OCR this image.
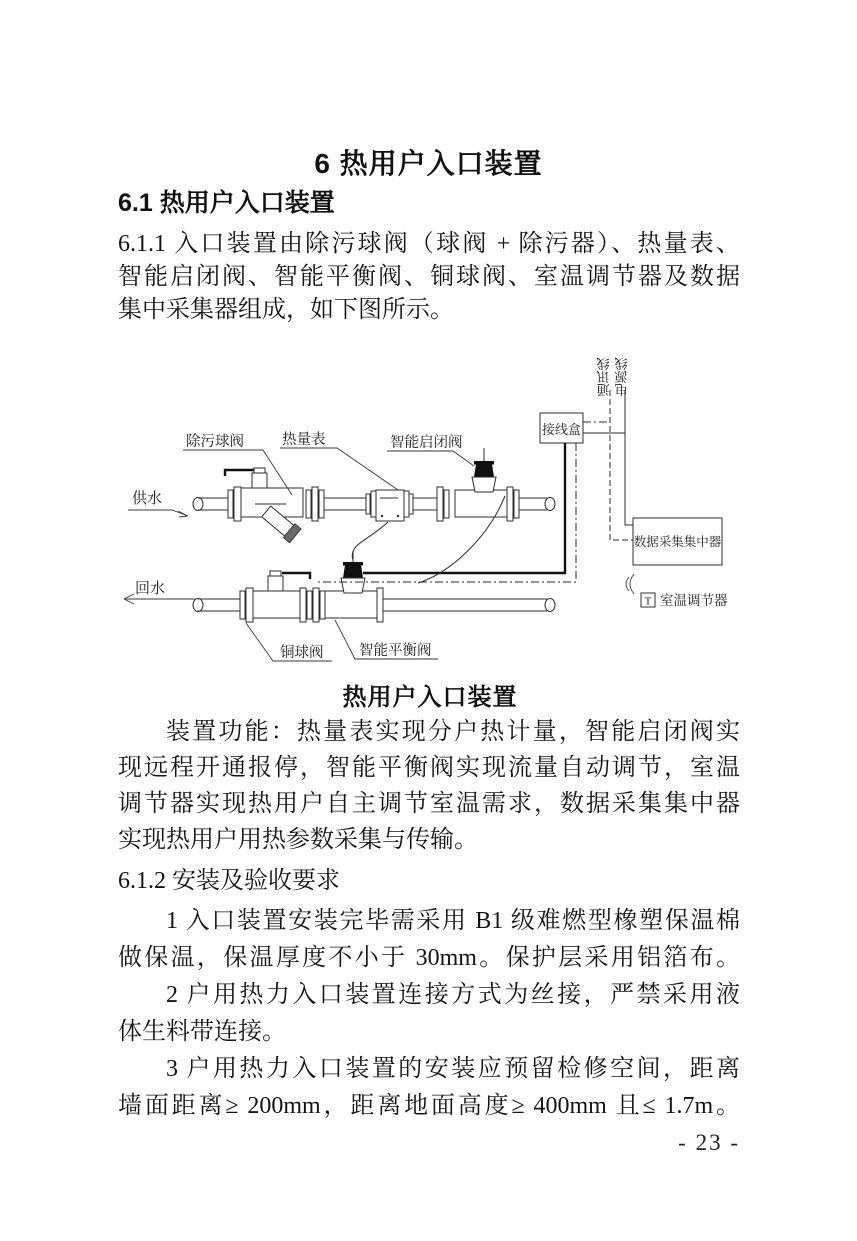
6 热用户入口装置
6.1 热用户入口装置
6.1.1 入口装置由除污球阀（球阀 + 除污器）、热量表、
智能启闭阀、智能平衡阀、铜球阀、室温调节器及数据
集中采集器组成，如下图所示。
供水
回水
接线盒
通讯线
电源线
数据采集集中器
T 室温调节器
除污球阀	热量表	智能启闭阀
铜球阀 智能平衡阀
热用户入口装置
装置功能：热量表实现分户热计量，智能启闭阀实
现远程开通报停，智能平衡阀实现流量自动调节，室温
调节器实现热用户自主调节室温需求，数据采集集中器
实现热用户用热参数采集与传输。
6.1.2 安装及验收要求
1 入口装置安装完毕需采用 B1 级难燃型橡塑保温棉
做保温，保温厚度不小于 30mm。保护层采用铝箔布。
2 户用热力入口装置连接方式为丝接，严禁采用液
体生料带连接。
3 户用热力入口装置的安装应预留检修空间，距离
墙面距离≥ 200mm，距离地面高度≥ 400mm 且≤ 1.7m。
- 23 -
